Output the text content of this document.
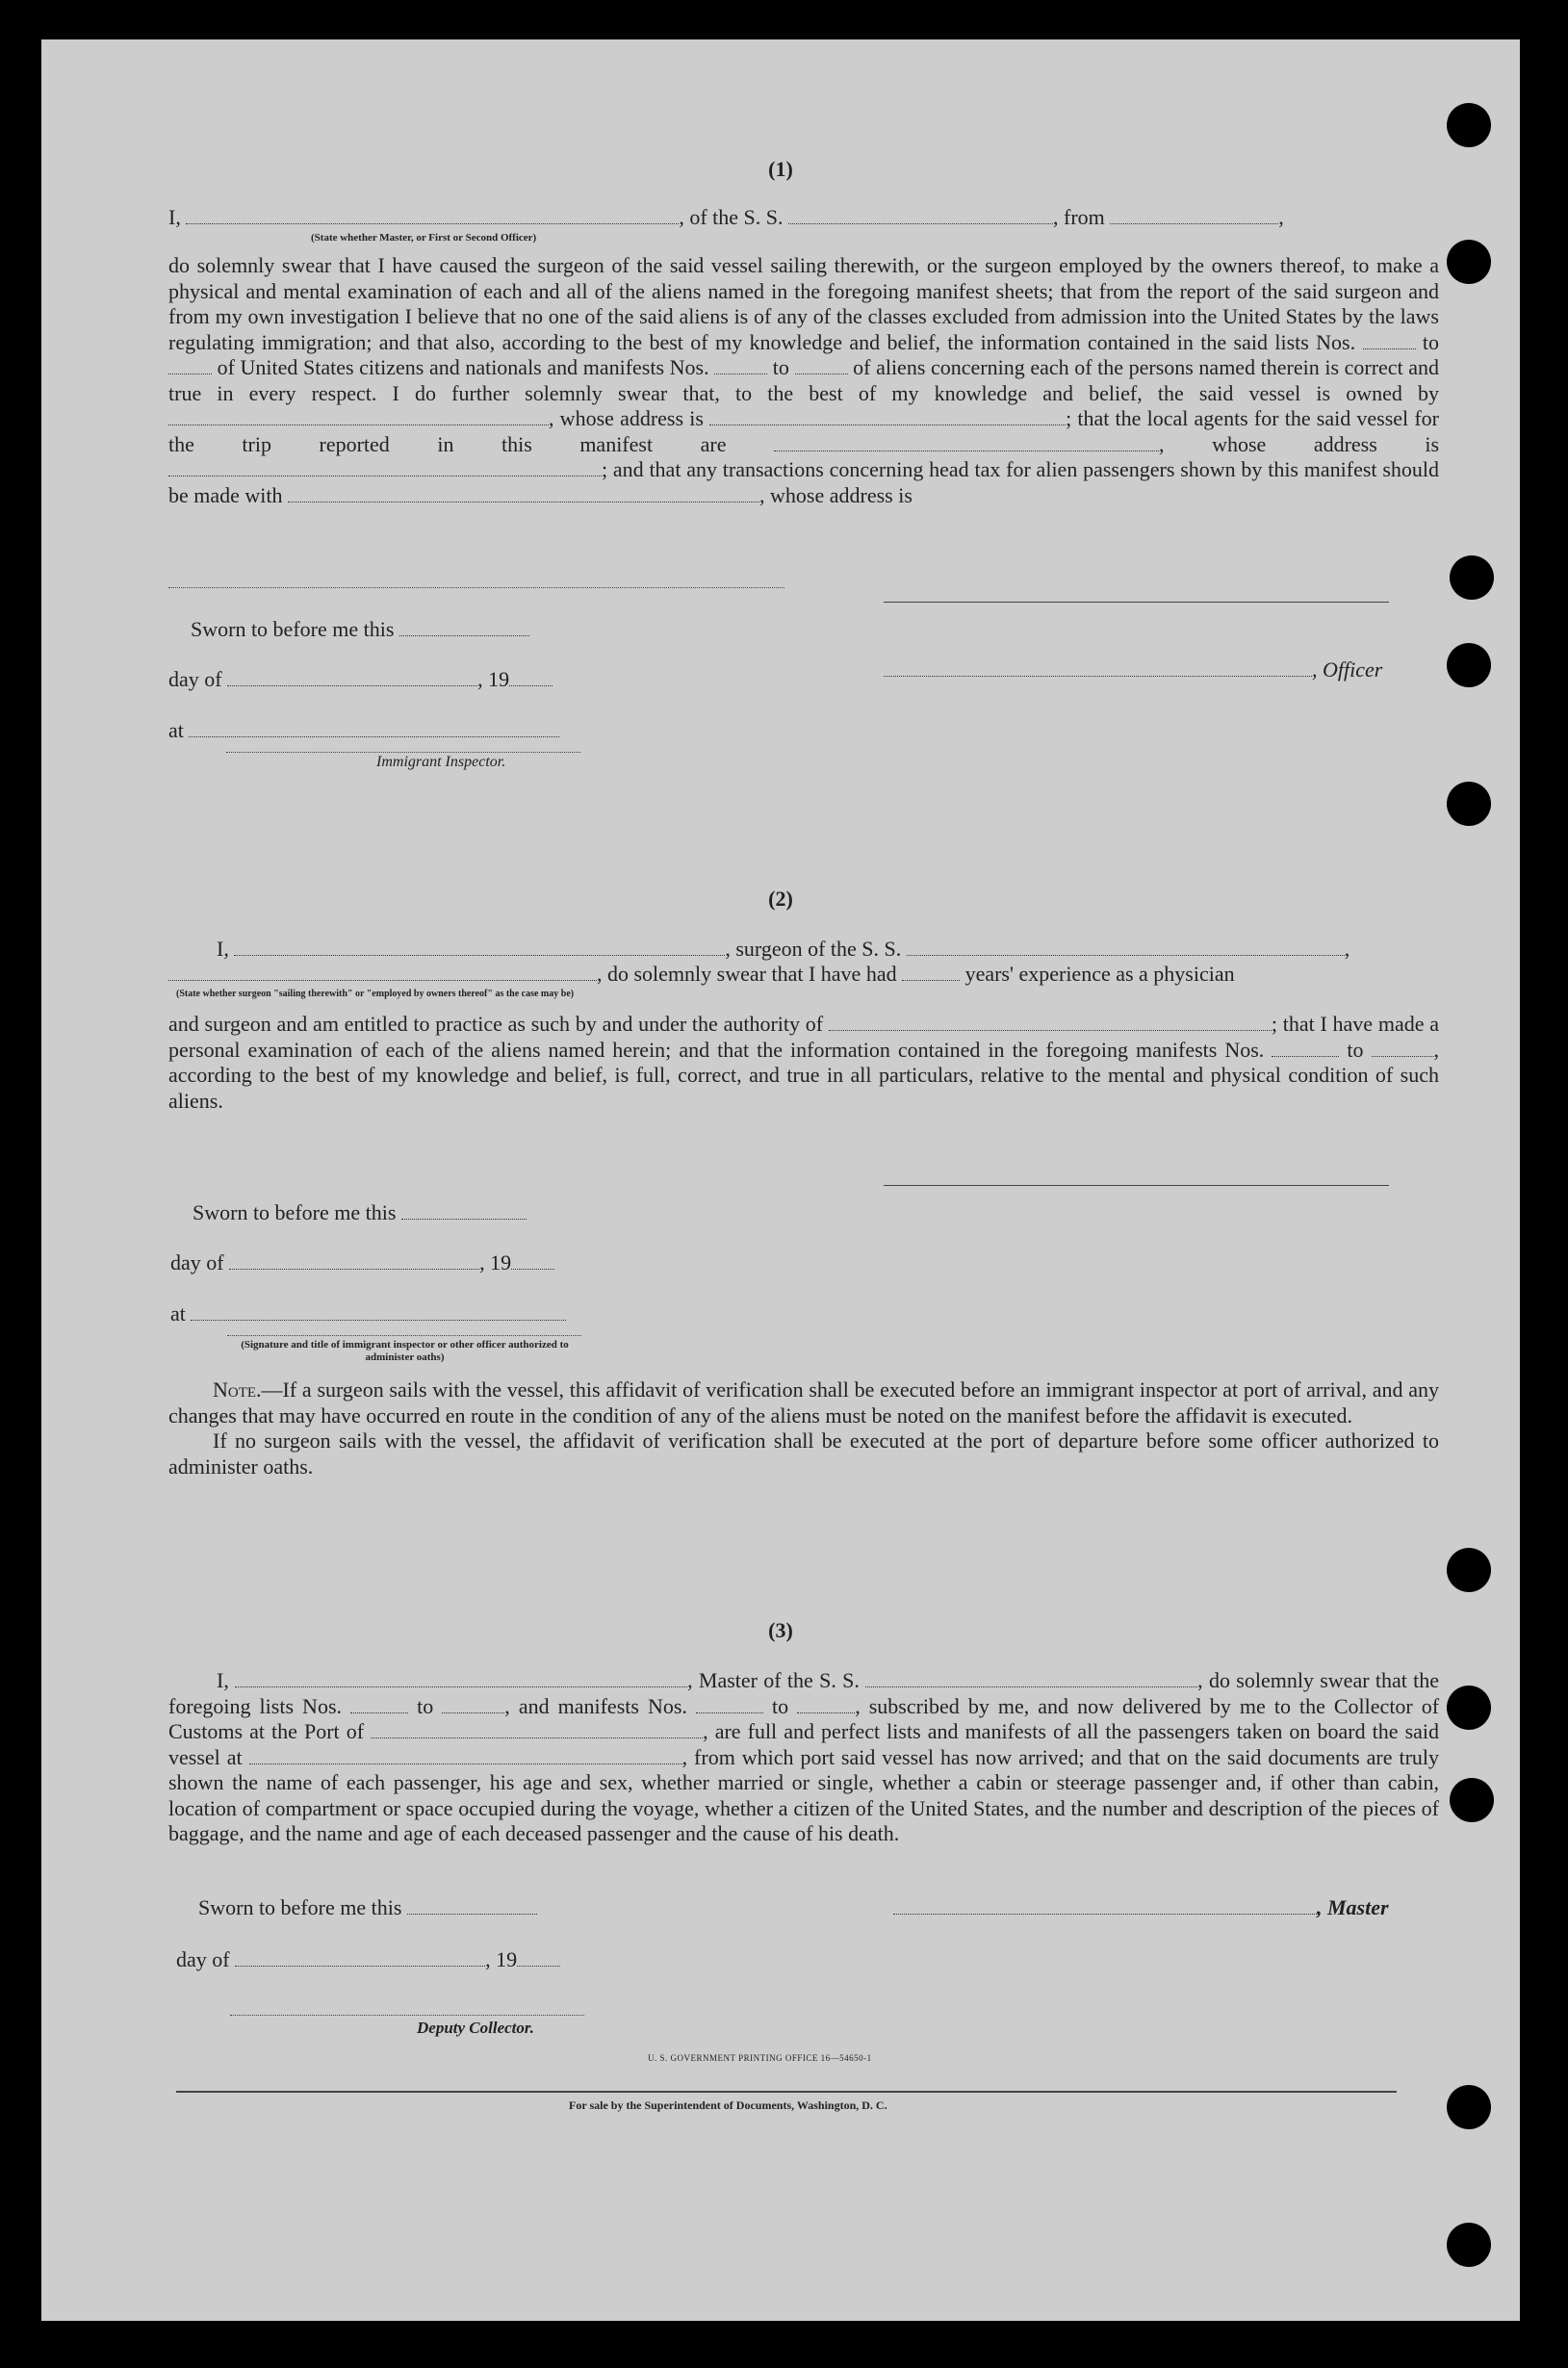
(1)
I,	, of the S. S.	, from	,
(State whether Master, or First or Second Officer)
do solemnly swear that I have caused the surgeon of the said vessel sailing therewith, or the surgeon employed by the owners thereof, to make a physical and mental examination of each and all of the aliens named in the foregoing manifest sheets; that from the report of the said surgeon and from my own investigation I believe that no one of the said aliens is of any of the classes excluded from admission into the United States by the laws regulating immigration; and that also, according to the best of my knowledge and belief, the information contained in the said lists Nos.	to  of United States citizens and nationals and manifests Nos.	to	of aliens concerning each of the persons named therein is correct and true in every respect. I do further solemnly swear that, to the best of my knowledge and belief, the said vessel is owned by , whose address is	; that the local agents for the said vessel for the trip reported in this manifest are	, whose address is ; and that any transactions concerning head tax for alien passengers shown by this manifest should be made with	, whose address is
Sworn to before me this
day of	, 19
at
Immigrant Inspector.
, Officer
(2)
I,	, surgeon of the S. S.	,
, do solemnly swear that I have had	years' experience as a physician
(State whether surgeon "sailing therewith" or "employed by owners thereof" as the case may be)
and surgeon and am entitled to practice as such by and under the authority of	; that I have made a personal examination of each of the aliens named herein; and that the information contained in the foregoing manifests Nos.	to	, according to the best of my knowledge and belief, is full, correct, and true in all particulars, relative to the mental and physical condition of such aliens.
Sworn to before me this
day of	, 19
at
(Signature and title of immigrant inspector or other officer authorized to administer oaths)

Note.—If a surgeon sails with the vessel, this affidavit of verification shall be executed before an immigrant inspector at port of arrival, and any changes that may have occurred en route in the condition of any of the aliens must be noted on the manifest before the affidavit is executed.

If no surgeon sails with the vessel, the affidavit of verification shall be executed at the port of departure before some officer authorized to administer oaths.

(3)
I,	, Master of the S. S.	, do solemnly swear that the foregoing lists Nos.	to	, and manifests Nos.	to	, subscribed by me, and now delivered by me to the Collector of Customs at the Port of	, are full and perfect lists and manifests of all the passengers taken on board the said vessel at	, from which port said vessel has now arrived; and that on the said documents are truly shown the name of each passenger, his age and sex, whether married or single, whether a cabin or steerage passenger and, if other than cabin, location of compartment or space occupied during the voyage, whether a citizen of the United States, and the number and description of the pieces of baggage, and the name and age of each deceased passenger and the cause of his death.
Sworn to before me this
day of	, 19
, Master
Deputy Collector.
U. S. GOVERNMENT PRINTING OFFICE 16—54650-1
For sale by the Superintendent of Documents, Washington, D. C.
